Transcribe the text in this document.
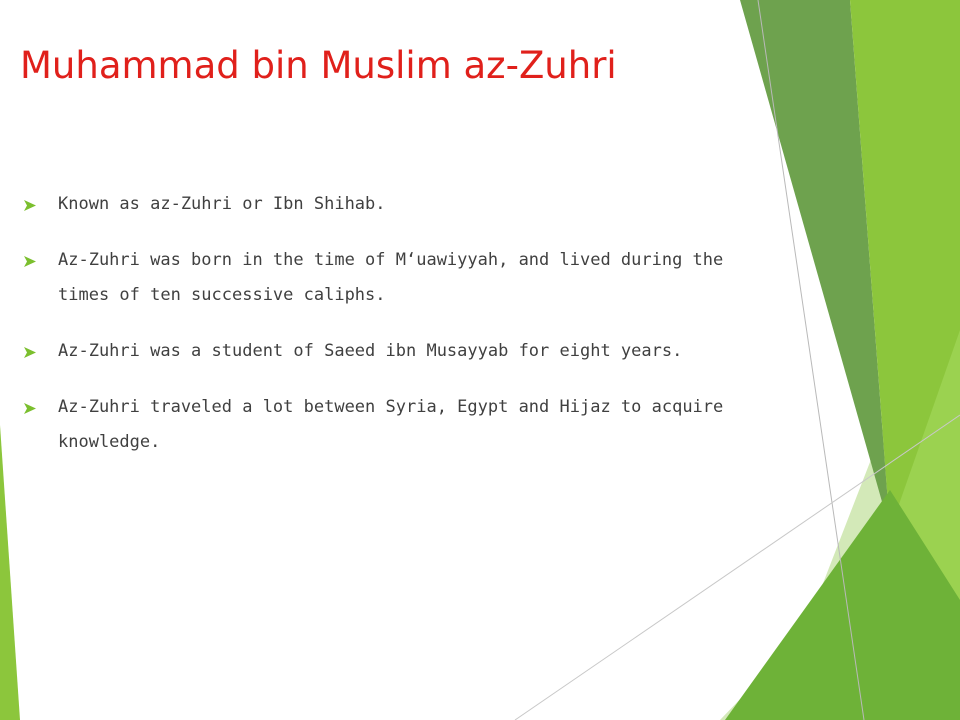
Muhammad bin Muslim az-Zuhri
Known as az-Zuhri or Ibn Shihab.
Az-Zuhri was born in the time of M‘uawiyyah, and lived during the times of ten successive caliphs.
Az-Zuhri was a student of Saeed ibn Musayyab for eight years.
Az-Zuhri traveled a lot between Syria, Egypt and Hijaz to acquire knowledge.
